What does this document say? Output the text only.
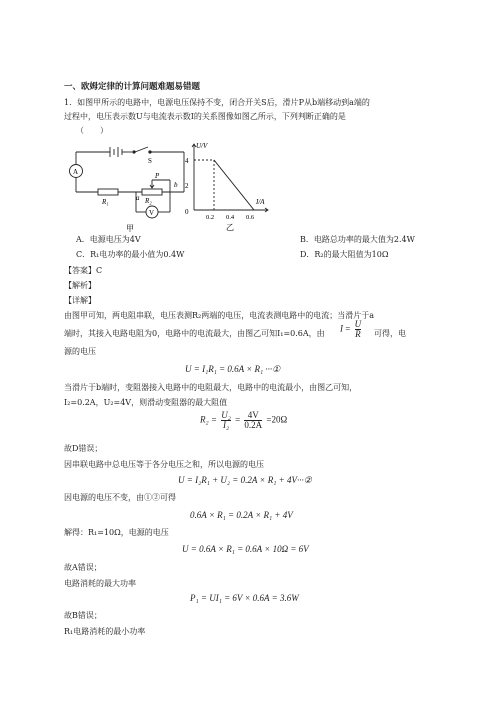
一、欧姆定律的计算问题难题易错题
1．如图甲所示的电路中，电源电压保持不变，闭合开关S后，滑片P从b端移动到a端的
过程中，电压表示数U与电流表示数I的关系图像如图乙所示，下列判断正确的是
（　　）
S
A
V
P
R₁	R₂
a
b
甲
U/V
I/A
4
2
0
0.2 0.4 0.6
乙
A．电源电压为4V	B．电路总功率的最大值为2.4W
C．R₁电功率的最小值为0.4W	D．R₂的最大阻值为10Ω
【答案】C
【解析】
【详解】
由图甲可知，两电阻串联，电压表测R₂两端的电压，电流表测电路中的电流；当滑片于a
端时，其接入电路电阻为0，电路中的电流最大，由图乙可知I₁=0.6A，由 $I = \frac{U}{R}$ 可得，电
源的电压
U = I₁R₁ = 0.6A × R₁ ···①
当滑片于b端时，变阻器接入电路中的电阻最大，电路中的电流最小，由图乙可知，
I₂=0.2A，U₂=4V，则滑动变阻器的最大阻值
$R_2 = \frac{\text{U₂}}{\text{I₂}} = \frac{4V}{0.2A} =20\Omega$
故D错误；
因串联电路中总电压等于各分电压之和，所以电源的电压
U = I₂R₁ + U₂ = 0.2A × R₁ + 4V···②
因电源的电压不变，由①②可得
0.6A × R₁ = 0.2A × R₁ + 4V
解得：R₁=10Ω，电源的电压
U = 0.6A × R₁ = 0.6A × 10Ω = 6V
故A错误；
电路消耗的最大功率
P₁ = UI₁ = 6V × 0.6A = 3.6W
故B错误；
R₁电路消耗的最小功率
